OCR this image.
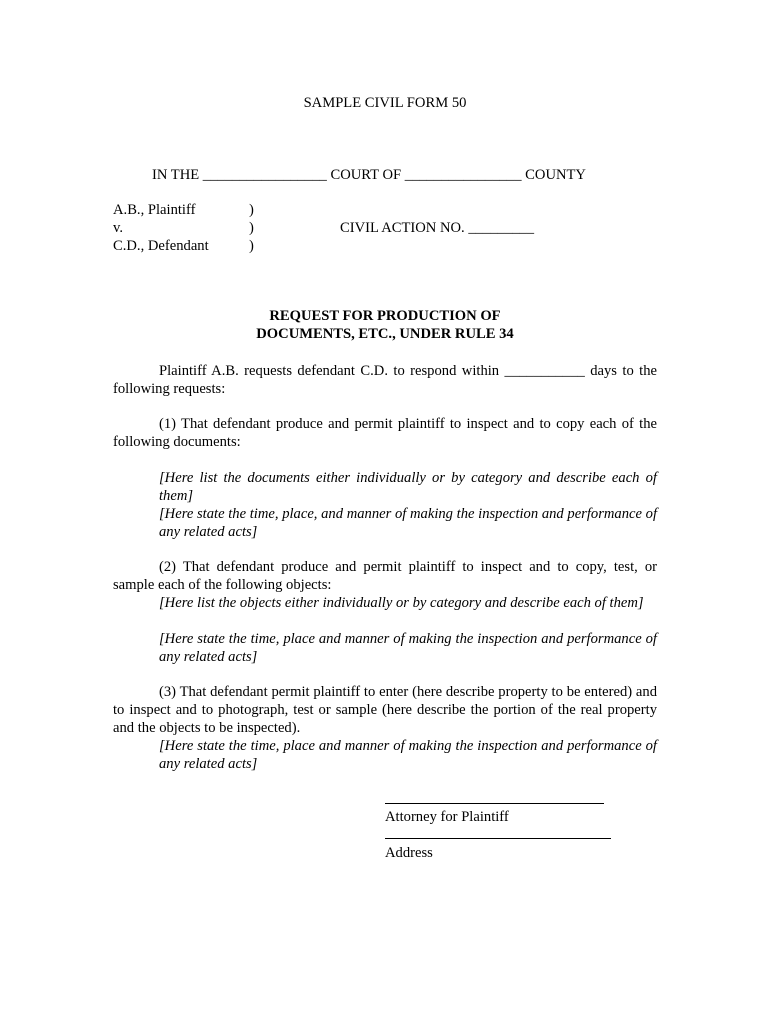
SAMPLE CIVIL FORM 50
IN THE _________________ COURT OF ________________ COUNTY
A.B., Plaintiff	)
v.	)
C.D., Defendant	)
CIVIL ACTION NO. _________
REQUEST FOR PRODUCTION OF
DOCUMENTS, ETC., UNDER RULE 34
Plaintiff A.B. requests defendant C.D. to respond within ___________ days to the following requests:
(1) That defendant produce and permit plaintiff to inspect and to copy each of the following documents:
[Here list the documents either individually or by category and describe each of them]
[Here state the time, place, and manner of making the inspection and performance of any related acts]
(2) That defendant produce and permit plaintiff to inspect and to copy, test, or sample each of the following objects:
[Here list the objects either individually or by category and describe each of them]
[Here state the time, place and manner of making the inspection and performance of any related acts]
(3) That defendant permit plaintiff to enter (here describe property to be entered) and to inspect and to photograph, test or sample (here describe the portion of the real property and the objects to be inspected).
[Here state the time, place and manner of making the inspection and performance of any related acts]
Attorney for Plaintiff
Address
